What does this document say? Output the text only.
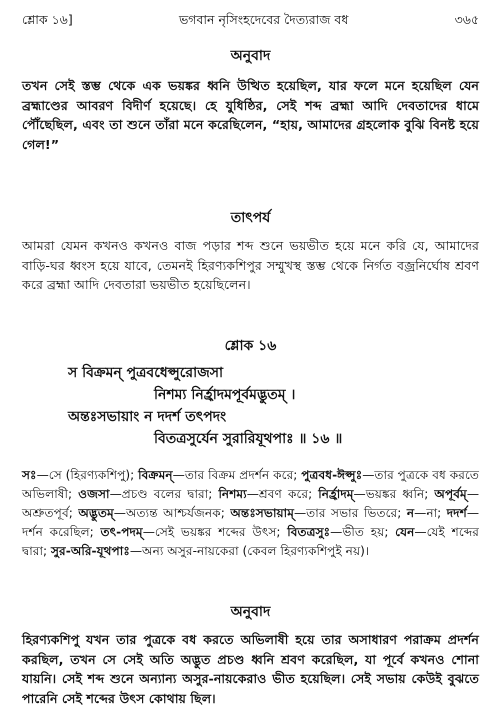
শ্লোক ১৬]	ভগবান নৃসিংহদেবের দৈত্যরাজ বধ	৩৬৫
অনুবাদ

তখন সেই স্তম্ভ থেকে এক ভয়ঙ্কর ধ্বনি উত্থিত হয়েছিল, যার ফলে মনে হয়েছিল যেন ব্রহ্মাণ্ডের আবরণ বিদীর্ণ হয়েছে। হে যুধিষ্ঠির, সেই শব্দ ব্রহ্মা আদি দেবতাদের ধামে পৌঁছেছিল, এবং তা শুনে তাঁরা মনে করেছিলেন, “হায়, আমাদের গ্রহলোক বুঝি বিনষ্ট হয়ে গেল!”

তাৎপর্য

আমরা যেমন কখনও কখনও বাজ পড়ার শব্দ শুনে ভয়ভীত হয়ে মনে করি যে, আমাদের বাড়ি-ঘর ধ্বংস হয়ে যাবে, তেমনই হিরণ্যকশিপুর সম্মুখস্থ স্তম্ভ থেকে নির্গত বজ্রনির্ঘোষ শ্রবণ করে ব্রহ্মা আদি দেবতারা ভয়ভীত হয়েছিলেন।

শ্লোক ১৬
স বিক্রমন্ পুত্রবধেপ্সুরোজসা
নিশম্য নির্হ্রাদমপূর্বমদ্ভুতম্ ।
অন্তঃসভায়াং ন দদর্শ তৎপদং
বিতত্রসুর্যেন সুরারিযূথপাঃ ॥ ১৬ ॥

সঃ—সে (হিরণ্যকশিপু); বিক্রমন্—তার বিক্রম প্রদর্শন করে; পুত্রবধ-ঈপ্সুঃ—তার পুত্রকে বধ করতে অভিলাষী; ওজসা—প্রচণ্ড বলের দ্বারা; নিশম্য—শ্রবণ করে; নির্হ্রাদম্—ভয়ঙ্কর ধ্বনি; অপূর্বম্—অশ্রুতপূর্ব; অদ্ভুতম্—অত্যন্ত আশ্চর্যজনক; অন্তঃসভায়াম্—তার সভার ভিতরে; ন—না; দদর্শ—দর্শন করেছিল; তৎ-পদম্—সেই ভয়ঙ্কর শব্দের উৎস; বিতত্রসুঃ—ভীত হয়; যেন—যেই শব্দের দ্বারা; সুর-অরি-যূথপাঃ—অন্য অসুর-নায়কেরা (কেবল হিরণ্যকশিপুই নয়)।

অনুবাদ

হিরণ্যকশিপু যখন তার পুত্রকে বধ করতে অভিলাষী হয়ে তার অসাধারণ পরাক্রম প্রদর্শন করছিল, তখন সে সেই অতি অদ্ভুত প্রচণ্ড ধ্বনি শ্রবণ করেছিল, যা পূর্বে কখনও শোনা যায়নি। সেই শব্দ শুনে অন্যান্য অসুর-নায়কেরাও ভীত হয়েছিল। সেই সভায় কেউই বুঝতে পারেনি সেই শব্দের উৎস কোথায় ছিল।
